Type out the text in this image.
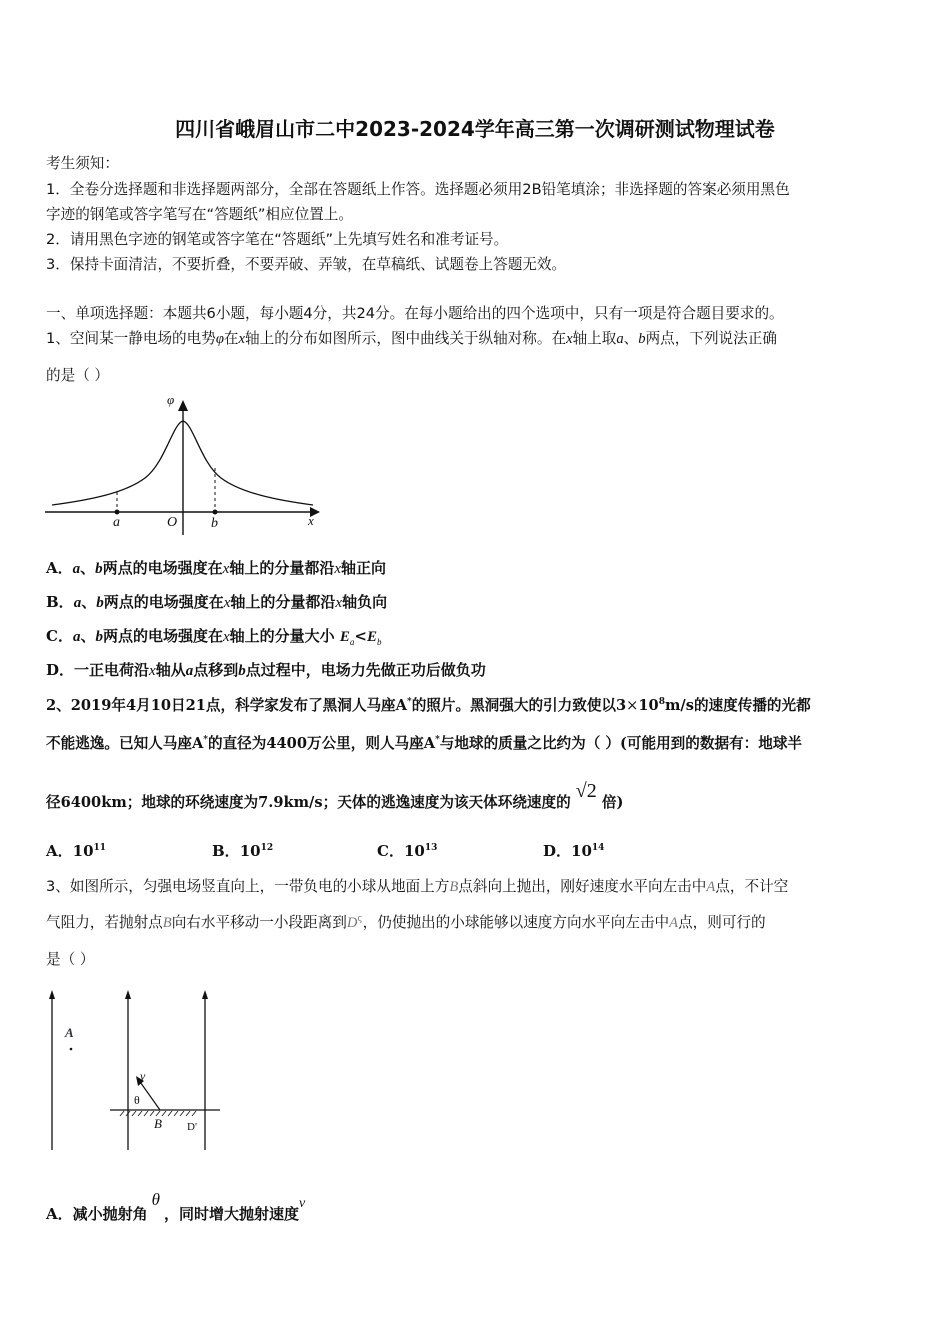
四川省峨眉山市二中2023-2024学年高三第一次调研测试物理试卷
考生须知：
1．全卷分选择题和非选择题两部分，全部在答题纸上作答。选择题必须用2B铅笔填涂；非选择题的答案必须用黑色
字迹的钢笔或答字笔写在“答题纸”相应位置上。
2．请用黑色字迹的钢笔或答字笔在“答题纸”上先填写姓名和准考证号。
3．保持卡面清洁，不要折叠，不要弄破、弄皱，在草稿纸、试题卷上答题无效。
一、单项选择题：本题共6小题，每小题4分，共24分。在每小题给出的四个选项中，只有一项是符合题目要求的。
1、空间某一静电场的电势φ在x轴上的分布如图所示，图中曲线关于纵轴对称。在x轴上取a、b两点，下列说法正确
的是（ ）
φ
x
O
a	b
A．a、b两点的电场强度在x轴上的分量都沿x轴正向
B．a、b两点的电场强度在x轴上的分量都沿x轴负向
C．a、b两点的电场强度在x轴上的分量大小 $E_a<E_b$
D．一正电荷沿x轴从a点移到b点过程中，电场力先做正功后做负功
2、2019年4月10日21点，科学家发布了黑洞人马座A*的照片。黑洞强大的引力致使以$3\times 10^8m/s$的速度传播的光都
不能逃逸。已知人马座A*的直径为4400万公里，则人马座A*与地球的质量之比约为（ ）(可能用到的数据有：地球半
径6400km；地球的环绕速度为7.9km/s；天体的逃逸速度为该天体环绕速度的 √2 倍)
A．$10^{11}$	B．$10^{12}$	C．$10^{13}$	D．$10^{14}$
3、如图所示，匀强电场竖直向上，一带负电的小球从地面上方B点斜向上抛出，刚好速度水平向左击中A点，不计空
气阻力，若抛射点B向右水平移动一小段距离到$D^\varsigma$，仍使抛出的小球能够以速度方向水平向左击中A点，则可行的
是（ ）
A
v
θ
B D'
A．减小抛射角θ，同时增大抛射速度v
